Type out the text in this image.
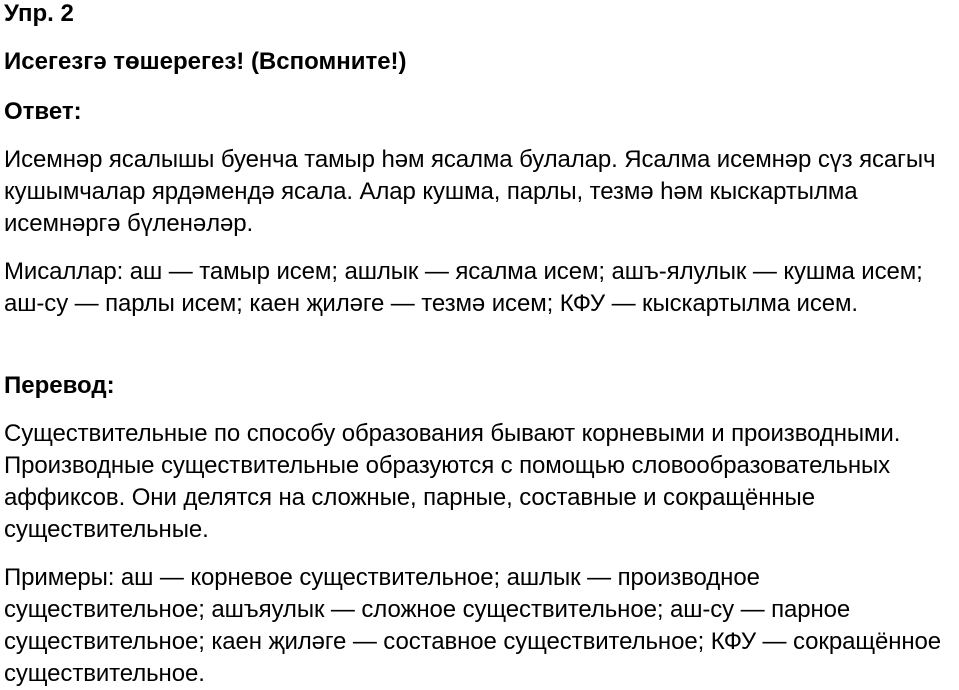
Упр. 2
Исегезгә төшерегез! (Вспомните!)
Ответ:

Исемнәр ясалышы буенча тамыр һәм ясалма булалар. Ясалма исемнәр сүз ясагыч кушымчалар ярдәмендә ясала. Алар кушма, парлы, тезмә һәм кыскартылма исемнәргә бүленәләр.

Мисаллар: аш — тамыр исем; ашлык — ясалма исем; ашъ-ялулык — кушма исем; аш-су — парлы исем; каен җиләге — тезмә исем; КФУ — кыскартылма исем.

Перевод:

Существительные по способу образования бывают корневыми и производными. Производные существительные образуются с помощью словообразовательных аффиксов. Они делятся на сложные, парные, составные и сокращённые существительные.

Примеры: аш — корневое существительное; ашлык — производное существительное; ашъяулык — сложное существительное; аш-су — парное существительное; каен җиләге — составное существительное; КФУ — сокращённое существительное.
